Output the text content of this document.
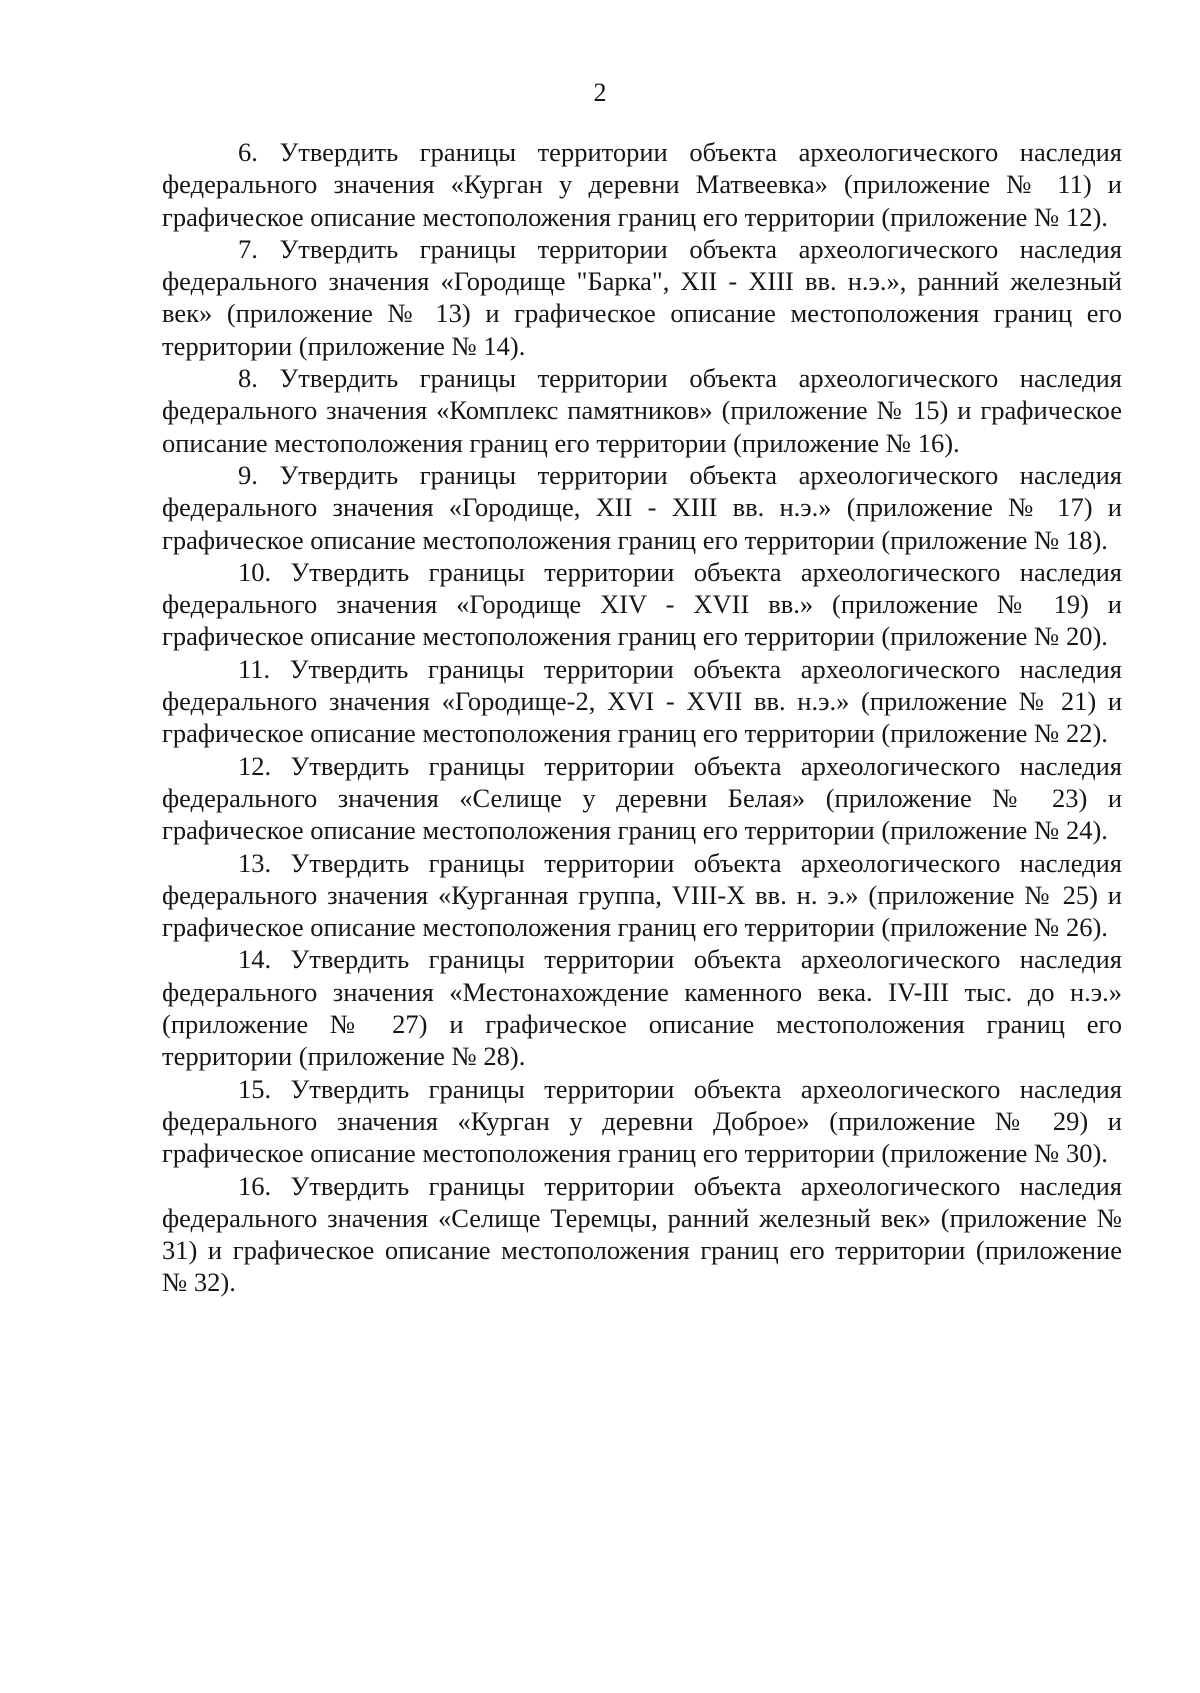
2

6. Утвердить границы территории объекта археологического наследия федерального значения «Курган у деревни Матвеевка» (приложение № 11) и графическое описание местоположения границ его территории (приложение № 12).

7. Утвердить границы территории объекта археологического наследия федерального значения «Городище "Барка", XII - XIII вв. н.э.», ранний железный век» (приложение № 13) и графическое описание местоположения границ его территории (приложение № 14).

8. Утвердить границы территории объекта археологического наследия федерального значения «Комплекс памятников» (приложение № 15) и графическое описание местоположения границ его территории (приложение № 16).

9. Утвердить границы территории объекта археологического наследия федерального значения «Городище, XII - XIII вв. н.э.» (приложение № 17) и графическое описание местоположения границ его территории (приложение № 18).

10. Утвердить границы территории объекта археологического наследия федерального значения «Городище XIV - XVII вв.» (приложение № 19) и графическое описание местоположения границ его территории (приложение № 20).

11. Утвердить границы территории объекта археологического наследия федерального значения «Городище-2, XVI - XVII вв. н.э.» (приложение № 21) и графическое описание местоположения границ его территории (приложение № 22).

12. Утвердить границы территории объекта археологического наследия федерального значения «Селище у деревни Белая» (приложение № 23) и графическое описание местоположения границ его территории (приложение № 24).

13. Утвердить границы территории объекта археологического наследия федерального значения «Курганная группа, VIII-X вв. н. э.» (приложение № 25) и графическое описание местоположения границ его территории (приложение № 26).

14. Утвердить границы территории объекта археологического наследия федерального значения «Местонахождение каменного века. IV-III тыс. до н.э.» (приложение № 27) и графическое описание местоположения границ его территории (приложение № 28).

15. Утвердить границы территории объекта археологического наследия федерального значения «Курган у деревни Доброе» (приложение № 29) и графическое описание местоположения границ его территории (приложение № 30).

16. Утвердить границы территории объекта археологического наследия федерального значения «Селище Теремцы, ранний железный век» (приложение № 31) и графическое описание местоположения границ его территории (приложение № 32).
